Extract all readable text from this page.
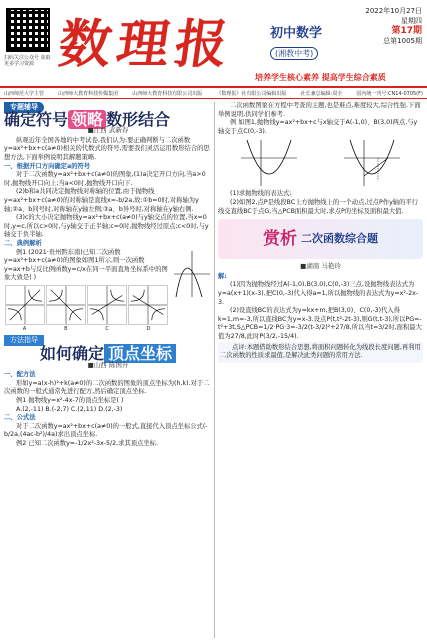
扫码关注公众号 获取更多学习资源 数理报 初中数学
(湘教中考)
2022年10月27日
星期四
第17期
总第1005期
培养学生核心素养 提高学生综合素质
山西师范大学主管	山西师大教育科技传媒集团	山西师大教育科技有限公司出版	《数理报》社有限公司编辑出版	社长兼总编辑:周全	国内统一刊号:CN14-0705(F)
专题辅导
确定符号 领略 数形结合
■江西 武新春

纵观近年全国各地的中考试卷,我们认为:要正确判断与二次函数y=ax²+bx+c(a≠0)相关的代数式的符号,需要我们灵活运用数形结合的思想方法,下面举例说明其解题策略.

一、根据开口方向确定a的符号

对于二次函数y=ax²+bx+c(a≠0)的图象,(1)a决定开口方向,当a>0时,抛物线开口向上;当a<0时,抛物线开口向下.

(2)b和a共同决定抛物线对称轴的位置,由于抛物线y=ax²+bx+c(a≠0)的对称轴是直线x=-b/2a,故:①b=0时,对称轴为y轴;②a、b同号时,对称轴在y轴左侧;③a、b异号时,对称轴在y轴右侧.

(3)c的大小决定抛物线y=ax²+bx+c(a≠0)与y轴交点的位置,当x=0时,y=c,所以c>0时,与y轴交于正半轴;c=0时,抛物线经过原点;c<0时,与y轴交于负半轴.

二、典例解析

例1 (2021·贵州黔东南)已知二次函数y=ax²+bx+c(a≠0)的图象如图1所示,则一次函数y=ax+b与反比例函数y=c/x在同一平面直角坐标系中的图象大致是( )

A	B	C	D
方法指导
如何确定 顶点坐标
■山西 陈国升
一、配方法

形如y=a(x-h)²+k(a≠0)的二次函数的图象的顶点坐标为(h,k).对于二次函数的一般式通常先进行配方,然后确定顶点坐标.

例1 抛物线y=x²-4x-7的顶点坐标是( )

A.(2,-11) B.(-2,7) C.(2,11) D.(2,-3)

二、公式法

对于二次函数y=ax²+bx+c(a≠0)的一般式,直接代入顶点坐标公式(-b/2a,(4ac-b²)/4a)求出顶点坐标.

例2 已知二次函数y=-1/2x²-3x-5/2,求其顶点坐标.

二次函数图象在方程中考查的主题,也是难点,难度较大,综合性强.下面举例说明,供同学们参考.

例 如图1,抛物线y=ax²+bx+c与x轴交于A(-1,0)、B(3,0)两点,与y轴交于点C(0,-3).

(1)求抛物线的表达式;

(2)如图2,点P是线段BC上方抛物线上的一个动点,过点P作y轴的平行线交直线BC于点G,当△PCB面积最大时,求点P的坐标及面积最大值.

赏析 二次函数综合题
■湖南 马艳玲
解:

(1)因为抛物线经过A(-1,0),B(3,0),C(0,-3)三点,设抛物线表达式为y=a(x+1)(x-3),把C(0,-3)代入得a=1,所以抛物线的表达式为y=x²-2x-3.

(2)设直线BC的表达式为y=kx+m,把B(3,0)、C(0,-3)代入得k=1,m=-3,所以直线BC为y=x-3.设点P(t,t²-2t-3),则G(t,t-3),所以PG=-t²+3t,S△PCB=1/2·PG·3=-3/2(t-3/2)²+27/8,所以当t=3/2时,面积最大值为27/8,此时P(3/2,-15/4).

点评:本题借助数形结合思想,将面积问题转化为线段长度问题,再利用二次函数的性质求最值,是解决此类问题的常用方法.
